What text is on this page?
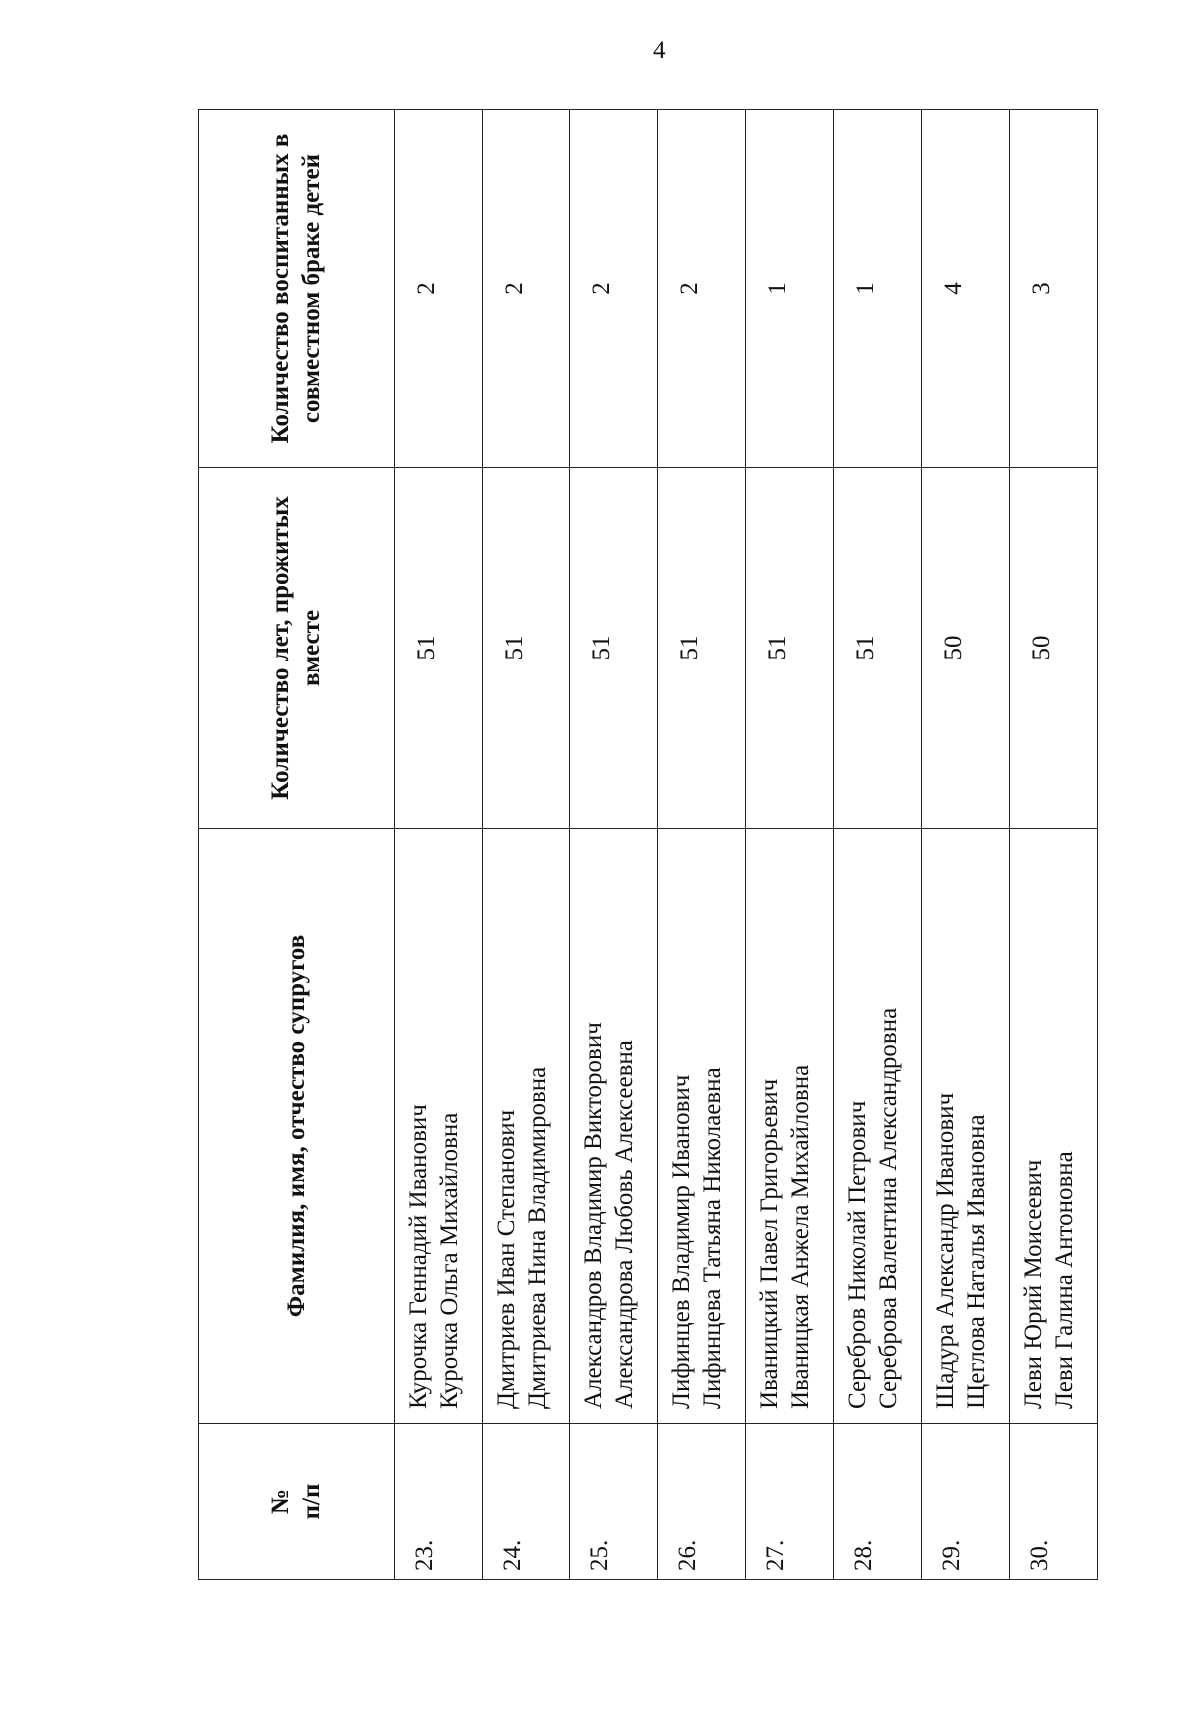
4
№ п/п	Фамилия, имя, отчество супругов	Количество лет, прожитых вместе	Количество воспитанных в совместном браке детей
23.	Курочка Геннадий Иванович Курочка Ольга Михайловна	51	2
24.	Дмитриев Иван Степанович Дмитриева Нина Владимировна	51	2
25.	Александров Владимир Викторович Александрова Любовь Алексеевна	51	2
26.	Лифинцев Владимир Иванович Лифинцева Татьяна Николаевна	51	2
27.	Иваницкий Павел Григорьевич Иваницкая Анжела Михайловна	51	1
28.	Серебров Николай Петрович Сереброва Валентина Александровна	51	1
29.	Шадура Александр Иванович Щеглова Наталья Ивановна	50	4
30.	Леви Юрий Моисеевич Леви Галина Антоновна	50	3
